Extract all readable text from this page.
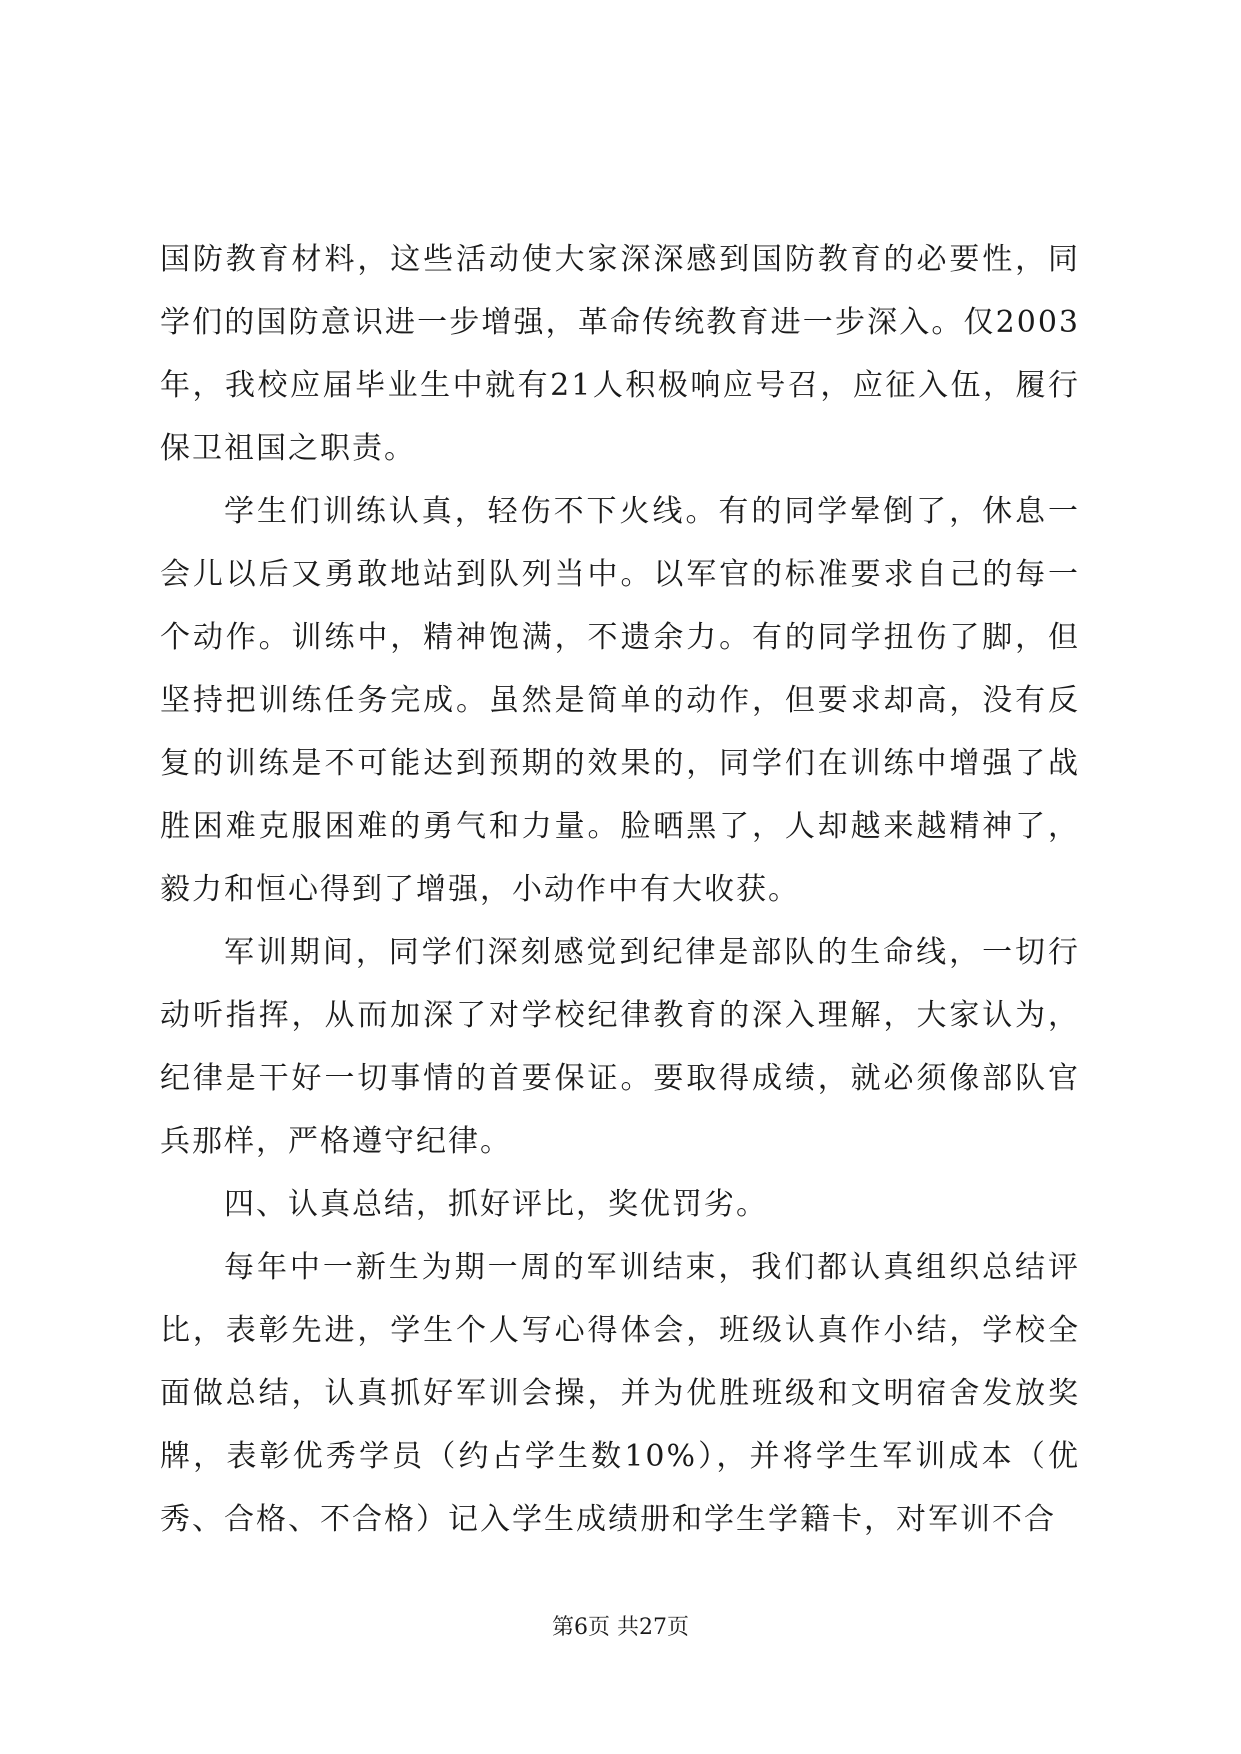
国防教育材料，这些活动使大家深深感到国防教育的必要性，同学们的国防意识进一步增强，革命传统教育进一步深入。仅2003年，我校应届毕业生中就有21人积极响应号召，应征入伍，履行保卫祖国之职责。

学生们训练认真，轻伤不下火线。有的同学晕倒了，休息一会儿以后又勇敢地站到队列当中。以军官的标准要求自己的每一个动作。训练中，精神饱满，不遗余力。有的同学扭伤了脚，但坚持把训练任务完成。虽然是简单的动作，但要求却高，没有反复的训练是不可能达到预期的效果的，同学们在训练中增强了战胜困难克服困难的勇气和力量。脸晒黑了，人却越来越精神了，毅力和恒心得到了增强，小动作中有大收获。

军训期间，同学们深刻感觉到纪律是部队的生命线，一切行动听指挥，从而加深了对学校纪律教育的深入理解，大家认为，纪律是干好一切事情的首要保证。要取得成绩，就必须像部队官兵那样，严格遵守纪律。

四、认真总结，抓好评比，奖优罚劣。

每年中一新生为期一周的军训结束，我们都认真组织总结评比，表彰先进，学生个人写心得体会，班级认真作小结，学校全面做总结，认真抓好军训会操，并为优胜班级和文明宿舍发放奖牌，表彰优秀学员（约占学生数10%），并将学生军训成本（优秀、合格、不合格）记入学生成绩册和学生学籍卡，对军训不合

第6页 共27页
